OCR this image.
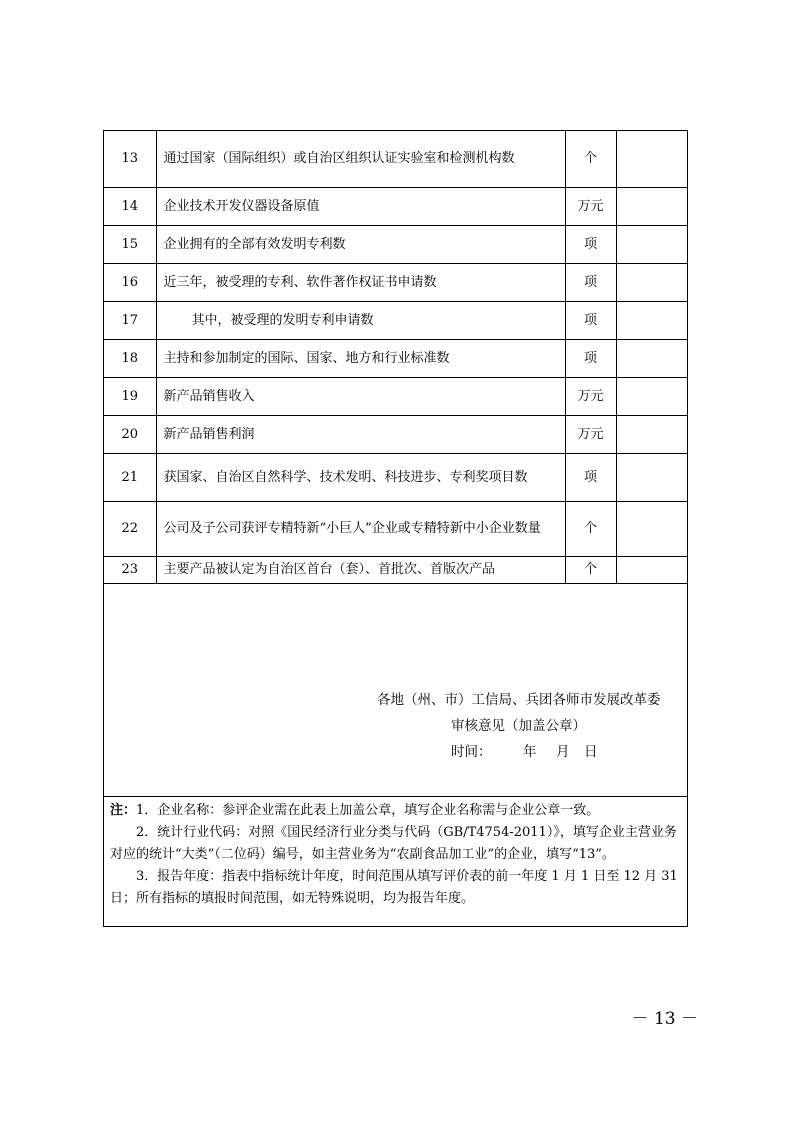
13	通过国家（国际组织）或自治区组织认证实验室和检测机构数	个	
14	企业技术开发仪器设备原值	万元	
15	企业拥有的全部有效发明专利数	项	
16	近三年，被受理的专利、软件著作权证书申请数	项	
17	其中，被受理的发明专利申请数	项	
18	主持和参加制定的国际、国家、地方和行业标准数	项	
19	新产品销售收入	万元	
20	新产品销售利润	万元	
21	获国家、自治区自然科学、技术发明、科技进步、专利奖项目数	项	
22	公司及子公司获评专精特新“小巨人”企业或专精特新中小企业数量	个	
23	主要产品被认定为自治区首台（套）、首批次、首版次产品	个	
各地（州、市）工信局、兵团各师市发展改革委
审核意见（加盖公章）
时间： 年 月 日

注：1．企业名称：参评企业需在此表上加盖公章，填写企业名称需与企业公章一致。

2．统计行业代码：对照《国民经济行业分类与代码（GB/T4754-2011）》，填写企业主营业务对应的统计“大类”（二位码）编号，如主营业务为“农副食品加工业”的企业，填写“13”。

3．报告年度：指表中指标统计年度，时间范围从填写评价表的前一年度 1 月 1 日至 12 月 31 日；所有指标的填报时间范围，如无特殊说明，均为报告年度。

－ 13 －
